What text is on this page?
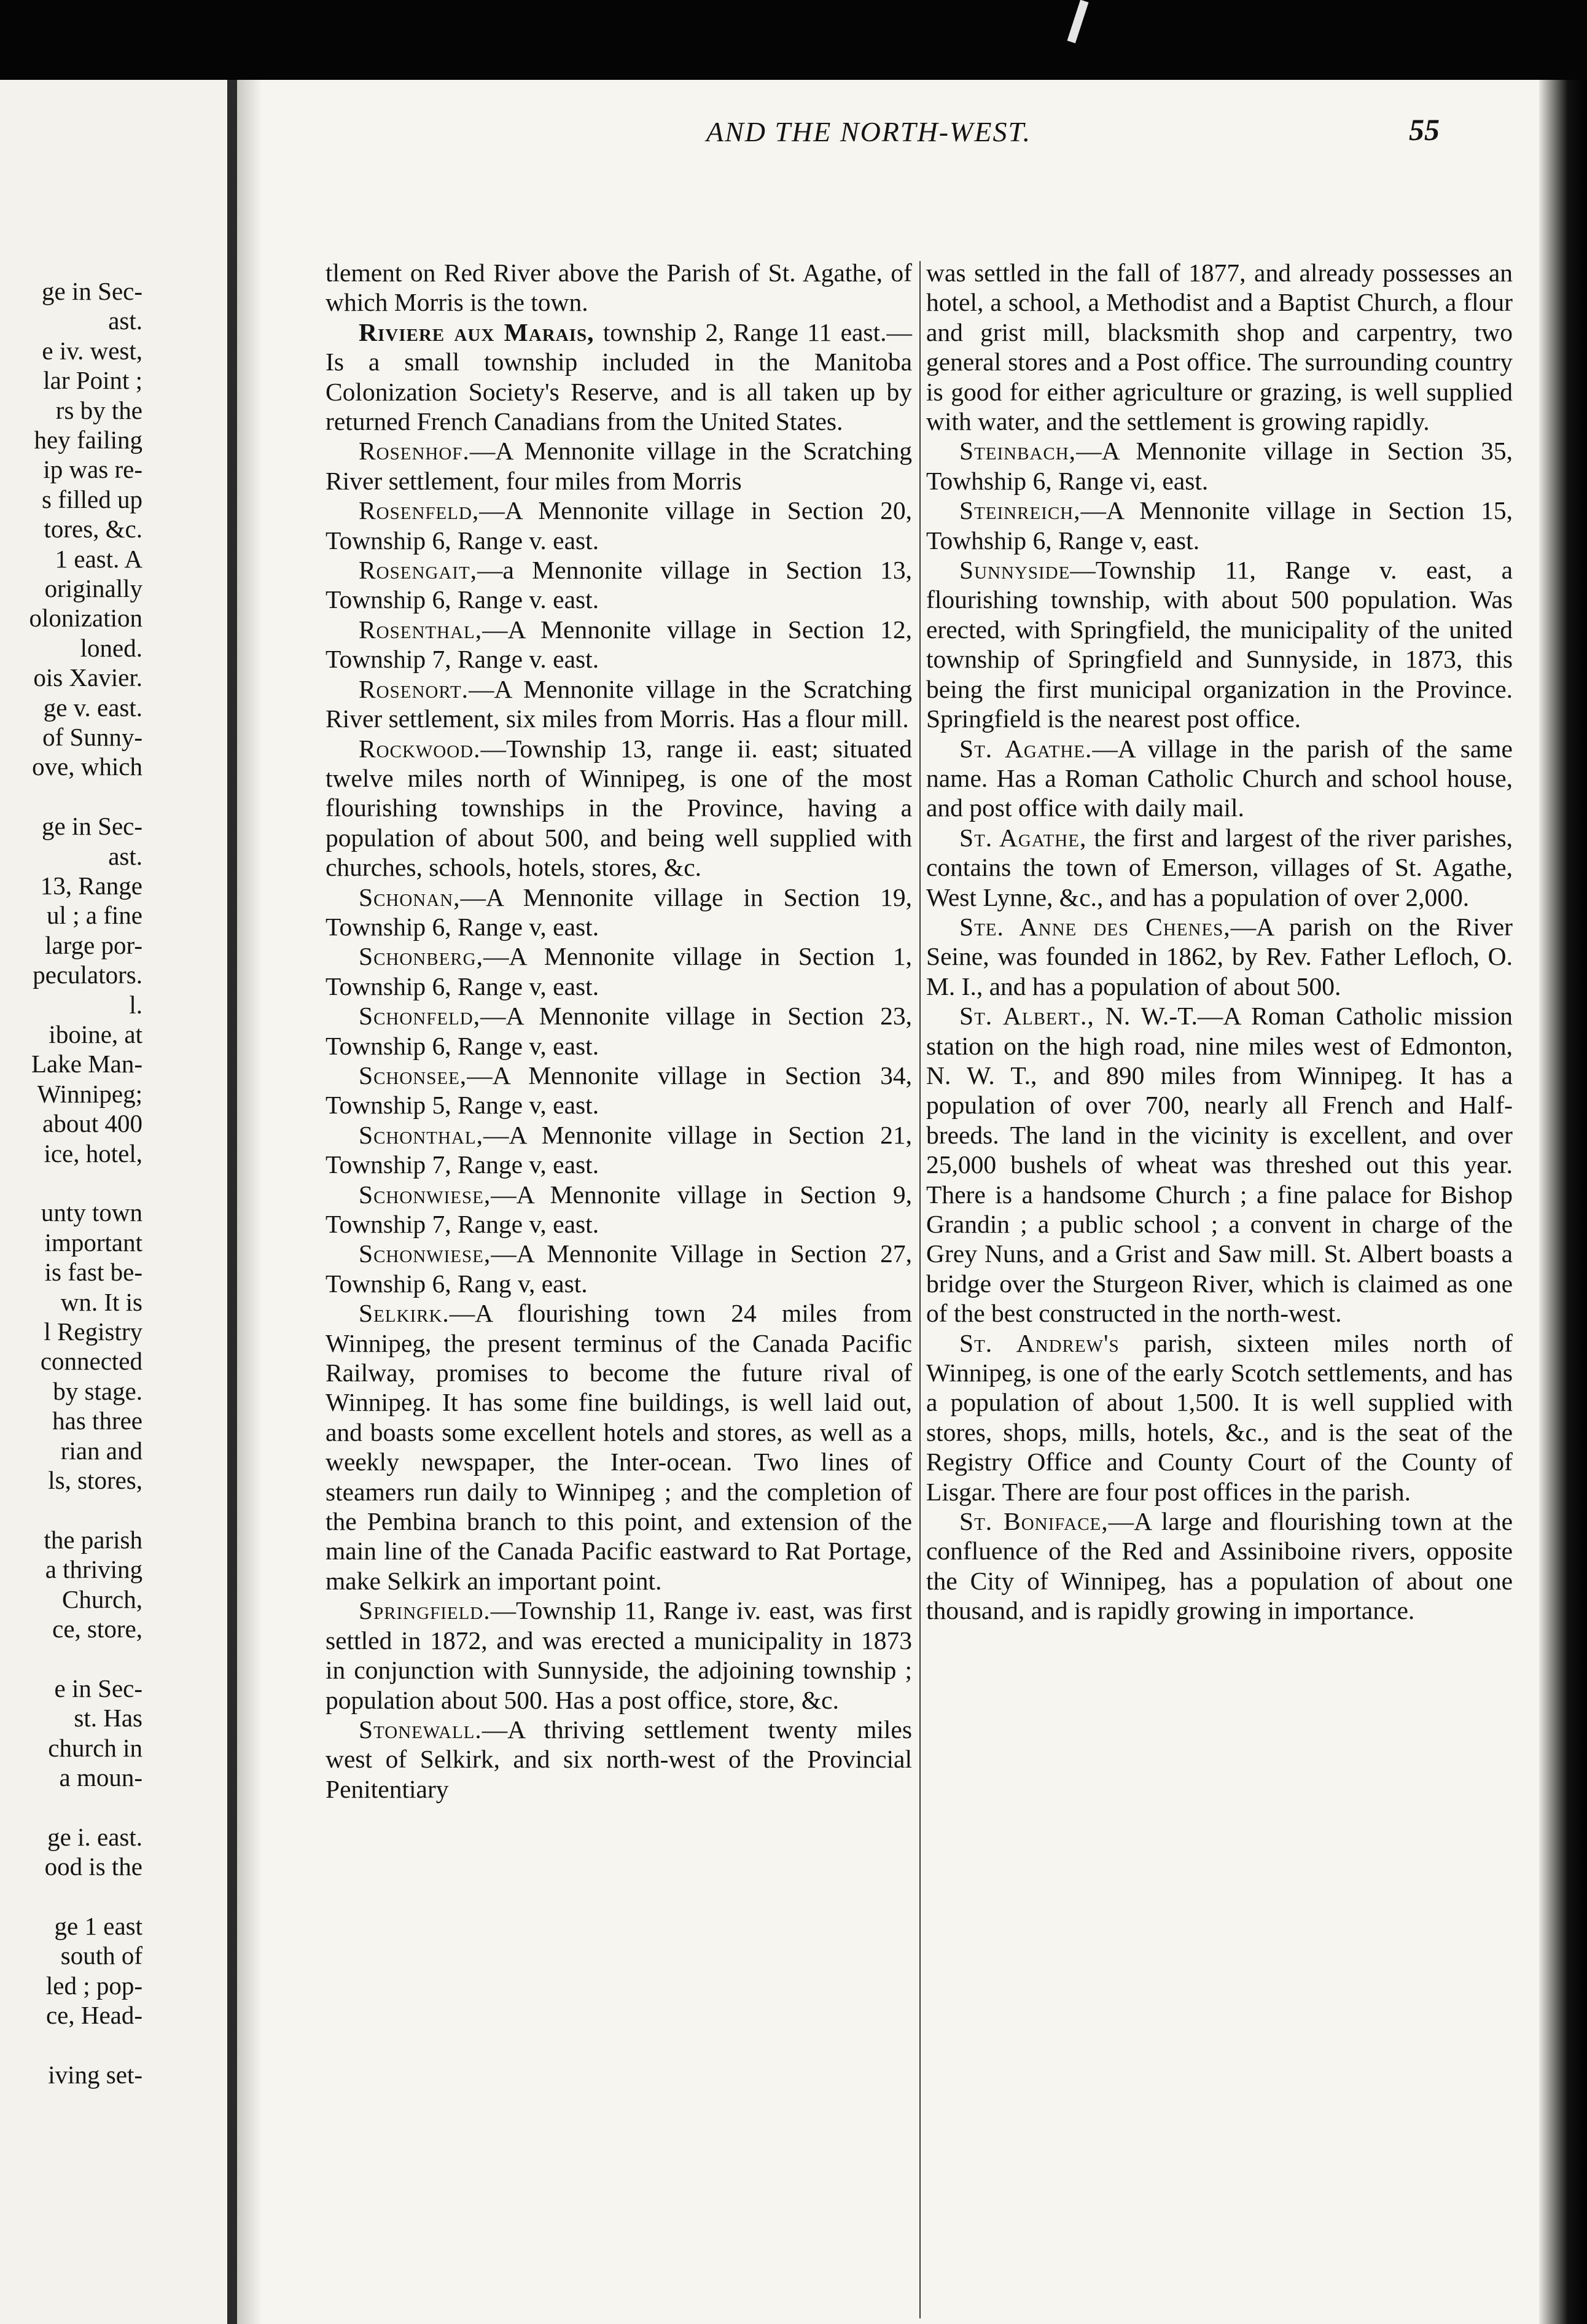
ge in Sec-
ast.
e iv. west,
lar Point ;
rs by the
hey failing
ip was re-
s filled up
tores, &c.
1 east. A
originally
olonization
loned.
ois Xavier.
ge v. east.
of Sunny-
ove, which
ge in Sec-
ast.
13, Range
ul ; a fine
large por-
peculators.
l.
iboine, at
Lake Man-
Winnipeg;
about 400
ice, hotel,
unty town
important
is fast be-
wn. It is
l Registry
connected
by stage.
has three
rian and
ls, stores,
the parish
a thriving
Church,
ce, store,
e in Sec-
st. Has
church in
a moun-
ge i. east.
ood is the
ge 1 east
south of
led ; pop-
ce, Head-
iving set-
AND THE NORTH-WEST.	55

tlement on Red River above the Parish of St. Agathe, of which Morris is the town.

Riviere aux Marais, township 2, Range 11 east.—Is a small township included in the Manitoba Colonization Society's Reserve, and is all taken up by returned French Canadians from the United States.

Rosenhof.—A Mennonite village in the Scratching River settlement, four miles from Morris

Rosenfeld,—A Mennonite village in Section 20, Township 6, Range v. east.

Rosengait,—a Mennonite village in Section 13, Township 6, Range v. east.

Rosenthal,—A Mennonite village in Section 12, Township 7, Range v. east.

Rosenort.—A Mennonite village in the Scratching River settlement, six miles from Morris. Has a flour mill.

Rockwood.—Township 13, range ii. east; situated twelve miles north of Winnipeg, is one of the most flourishing townships in the Province, having a population of about 500, and being well supplied with churches, schools, hotels, stores, &c.

Schonan,—A Mennonite village in Section 19, Township 6, Range v, east.

Schonberg,—A Mennonite village in Section 1, Township 6, Range v, east.

Schonfeld,—A Mennonite village in Section 23, Township 6, Range v, east.

Schonsee,—A Mennonite village in Section 34, Township 5, Range v, east.

Schonthal,—A Mennonite village in Section 21, Township 7, Range v, east.

Schonwiese,—A Mennonite village in Section 9, Township 7, Range v, east.

Schonwiese,—A Mennonite Village in Section 27, Township 6, Rang v, east.

Selkirk.—A flourishing town 24 miles from Winnipeg, the present terminus of the Canada Pacific Railway, promises to become the future rival of Winnipeg. It has some fine buildings, is well laid out, and boasts some excellent hotels and stores, as well as a weekly newspaper, the Inter-ocean. Two lines of steamers run daily to Winnipeg ; and the completion of the Pembina branch to this point, and extension of the main line of the Canada Pacific eastward to Rat Portage, make Selkirk an important point.

Springfield.—Township 11, Range iv. east, was first settled in 1872, and was erected a municipality in 1873 in conjunction with Sunnyside, the adjoining township ; population about 500. Has a post office, store, &c.

Stonewall.—A thriving settlement twenty miles west of Selkirk, and six north-west of the Provincial Penitentiary

was settled in the fall of 1877, and already possesses an hotel, a school, a Methodist and a Baptist Church, a flour and grist mill, blacksmith shop and carpentry, two general stores and a Post office. The surrounding country is good for either agriculture or grazing, is well supplied with water, and the settlement is growing rapidly.

Steinbach,—A Mennonite village in Section 35, Towhship 6, Range vi, east.

Steinreich,—A Mennonite village in Section 15, Towhship 6, Range v, east.

Sunnyside—Township 11, Range v. east, a flourishing township, with about 500 population. Was erected, with Springfield, the municipality of the united township of Springfield and Sunnyside, in 1873, this being the first municipal organization in the Province. Springfield is the nearest post office.

St. Agathe.—A village in the parish of the same name. Has a Roman Catholic Church and school house, and post office with daily mail.

St. Agathe, the first and largest of the river parishes, contains the town of Emerson, villages of St. Agathe, West Lynne, &c., and has a population of over 2,000.

Ste. Anne des Chenes,—A parish on the River Seine, was founded in 1862, by Rev. Father Lefloch, O. M. I., and has a population of about 500.

St. Albert., N. W.-T.—A Roman Catholic mission station on the high road, nine miles west of Edmonton, N. W. T., and 890 miles from Winnipeg. It has a population of over 700, nearly all French and Half-breeds. The land in the vicinity is excellent, and over 25,000 bushels of wheat was threshed out this year. There is a handsome Church ; a fine palace for Bishop Grandin ; a public school ; a convent in charge of the Grey Nuns, and a Grist and Saw mill. St. Albert boasts a bridge over the Sturgeon River, which is claimed as one of the best constructed in the north-west.

St. Andrew's parish, sixteen miles north of Winnipeg, is one of the early Scotch settlements, and has a population of about 1,500. It is well supplied with stores, shops, mills, hotels, &c., and is the seat of the Registry Office and County Court of the County of Lisgar. There are four post offices in the parish.

St. Boniface,—A large and flourishing town at the confluence of the Red and Assiniboine rivers, opposite the City of Winnipeg, has a population of about one thousand, and is rapidly growing in importance.
